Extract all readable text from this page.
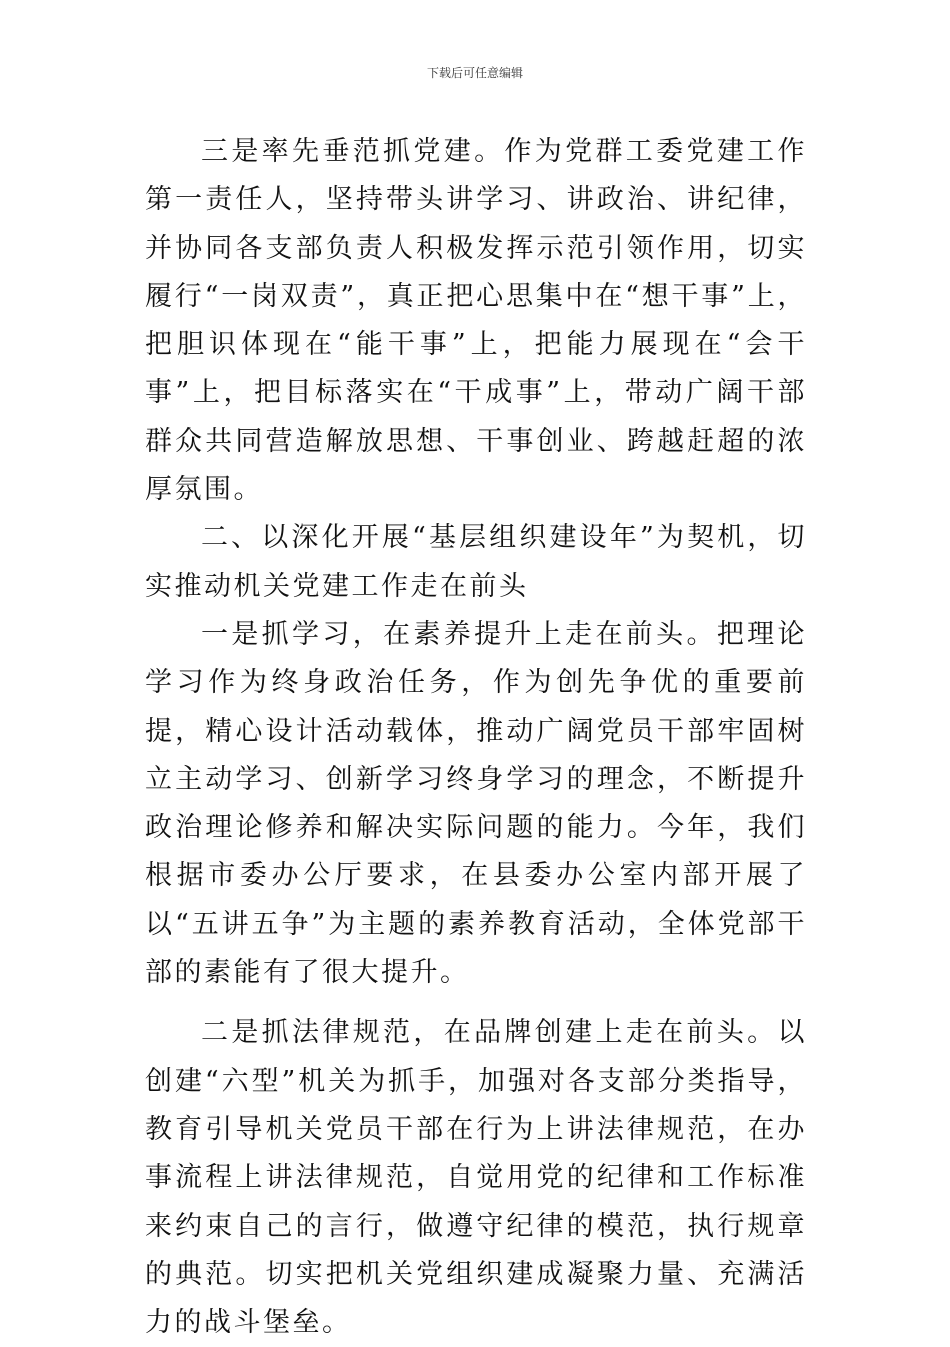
下载后可任意编辑

三是率先垂范抓党建。作为党群工委党建工作第一责任人，坚持带头讲学习、讲政治、讲纪律，并协同各支部负责人积极发挥示范引领作用，切实履行“一岗双责”，真正把心思集中在“想干事”上，把胆识体现在“能干事”上，把能力展现在“会干事”上，把目标落实在“干成事”上，带动广阔干部群众共同营造解放思想、干事创业、跨越赶超的浓厚氛围。

二、以深化开展“基层组织建设年”为契机，切实推动机关党建工作走在前头

一是抓学习，在素养提升上走在前头。把理论学习作为终身政治任务，作为创先争优的重要前提，精心设计活动载体，推动广阔党员干部牢固树立主动学习、创新学习终身学习的理念，不断提升政治理论修养和解决实际问题的能力。今年，我们根据市委办公厅要求，在县委办公室内部开展了以“五讲五争”为主题的素养教育活动，全体党部干部的素能有了很大提升。

二是抓法律规范，在品牌创建上走在前头。以创建“六型”机关为抓手，加强对各支部分类指导，教育引导机关党员干部在行为上讲法律规范，在办事流程上讲法律规范，自觉用党的纪律和工作标准来约束自己的言行，做遵守纪律的模范，执行规章的典范。切实把机关党组织建成凝聚力量、充满活力的战斗堡垒。
